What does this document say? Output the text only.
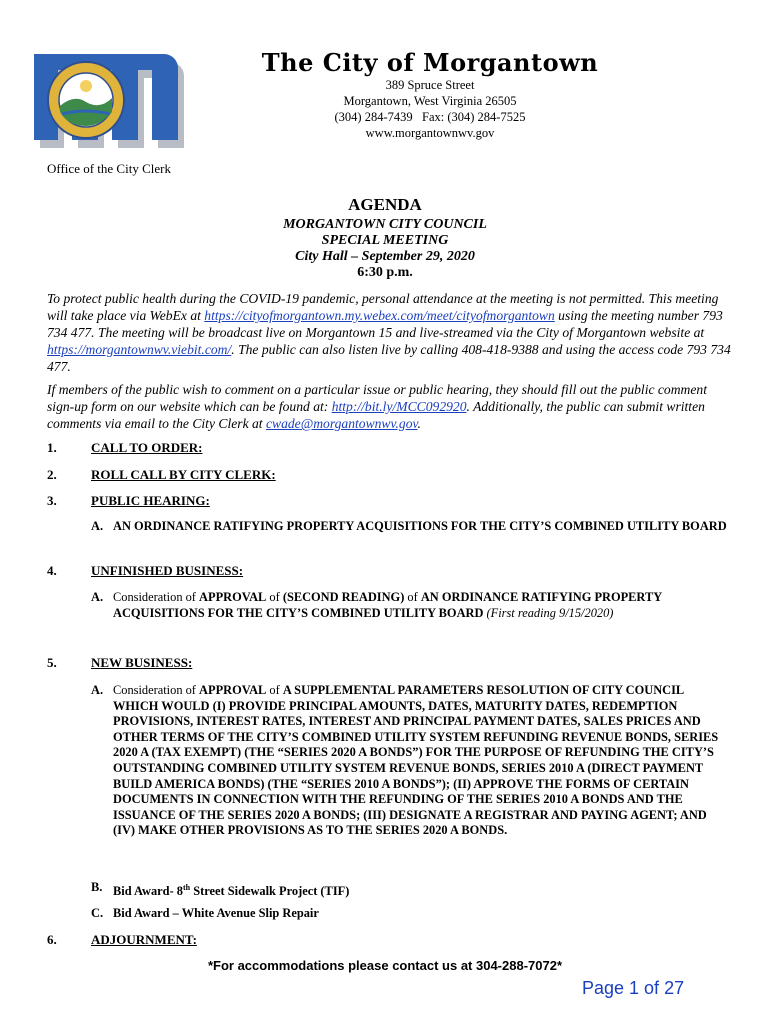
The City of Morgantown
389 Spruce Street
Morgantown, West Virginia 26505
(304) 284-7439   Fax: (304) 284-7525
www.morgantownwv.gov
Office of the City Clerk
AGENDA
MORGANTOWN CITY COUNCIL
SPECIAL MEETING
City Hall – September 29, 2020
6:30 p.m.
To protect public health during the COVID-19 pandemic, personal attendance at the meeting is not permitted. This meeting will take place via WebEx at https://cityofmorgantown.my.webex.com/meet/cityofmorgantown using the meeting number 793 734 477. The meeting will be broadcast live on Morgantown 15 and live-streamed via the City of Morgantown website at https://morgantownwv.viebit.com/. The public can also listen live by calling 408-418-9388 and using the access code 793 734 477.
If members of the public wish to comment on a particular issue or public hearing, they should fill out the public comment sign-up form on our website which can be found at: http://bit.ly/MCC092920. Additionally, the public can submit written comments via email to the City Clerk at cwade@morgantownwv.gov.
1.	CALL TO ORDER:
2.	ROLL CALL BY CITY CLERK:
3.	PUBLIC HEARING:
A. AN ORDINANCE RATIFYING PROPERTY ACQUISITIONS FOR THE CITY’S COMBINED UTILITY BOARD
4.	UNFINISHED BUSINESS:
A. Consideration of APPROVAL of (SECOND READING) of AN ORDINANCE RATIFYING PROPERTY ACQUISITIONS FOR THE CITY’S COMBINED UTILITY BOARD (First reading 9/15/2020)
5.	NEW BUSINESS:
A. Consideration of APPROVAL of A SUPPLEMENTAL PARAMETERS RESOLUTION OF CITY COUNCIL WHICH WOULD (I) PROVIDE PRINCIPAL AMOUNTS, DATES, MATURITY DATES, REDEMPTION PROVISIONS, INTEREST RATES, INTEREST AND PRINCIPAL PAYMENT DATES, SALES PRICES AND OTHER TERMS OF THE CITY’S COMBINED UTILITY SYSTEM REFUNDING REVENUE BONDS, SERIES 2020 A (TAX EXEMPT) (THE “SERIES 2020 A BONDS”) FOR THE PURPOSE OF REFUNDING THE CITY’S OUTSTANDING COMBINED UTILITY SYSTEM REVENUE BONDS, SERIES 2010 A (DIRECT PAYMENT BUILD AMERICA BONDS) (THE “SERIES 2010 A BONDS”); (II) APPROVE THE FORMS OF CERTAIN DOCUMENTS IN CONNECTION WITH THE REFUNDING OF THE SERIES 2010 A BONDS AND THE ISSUANCE OF THE SERIES 2020 A BONDS; (III) DESIGNATE A REGISTRAR AND PAYING AGENT; AND (IV) MAKE OTHER PROVISIONS AS TO THE SERIES 2020 A BONDS.
B. Bid Award- 8th Street Sidewalk Project (TIF)
C. Bid Award – White Avenue Slip Repair
6.	ADJOURNMENT:
*For accommodations please contact us at 304-288-7072*
Page 1 of 27
